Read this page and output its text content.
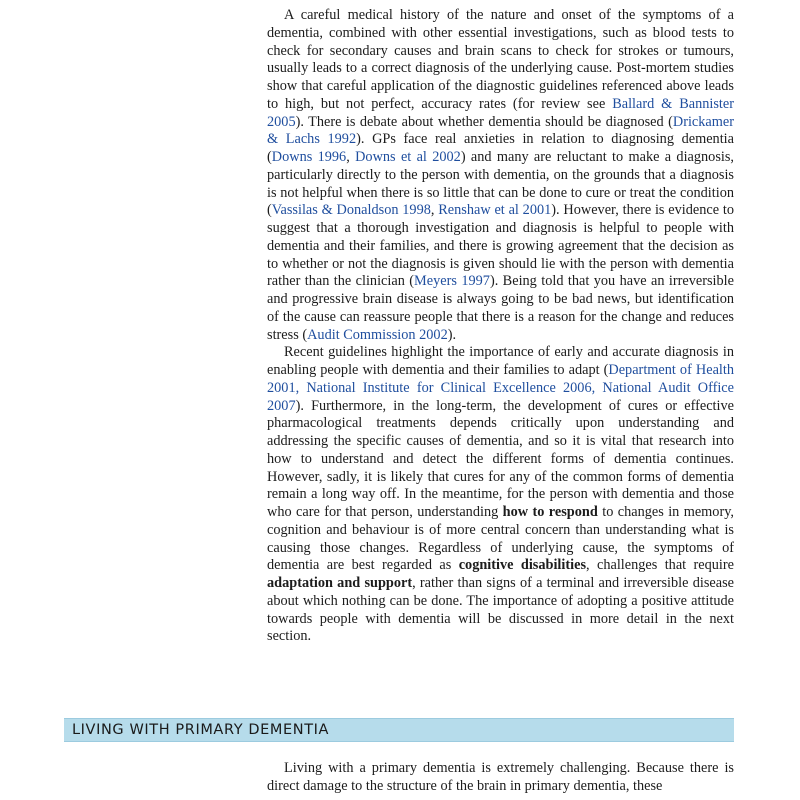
A careful medical history of the nature and onset of the symptoms of a dementia, combined with other essential investigations, such as blood tests to check for secondary causes and brain scans to check for strokes or tumours, usually leads to a correct diagnosis of the underlying cause. Post-mortem studies show that careful application of the diagnostic guidelines referenced above leads to high, but not perfect, accuracy rates (for review see Ballard & Bannister 2005). There is debate about whether dementia should be diagnosed (Drickamer & Lachs 1992). GPs face real anxieties in relation to diagnosing dementia (Downs 1996, Downs et al 2002) and many are reluctant to make a diagnosis, particularly directly to the person with dementia, on the grounds that a diagnosis is not helpful when there is so little that can be done to cure or treat the condition (Vassilas & Donaldson 1998, Renshaw et al 2001). However, there is evidence to suggest that a thorough investigation and diagnosis is helpful to people with dementia and their families, and there is growing agreement that the decision as to whether or not the diagnosis is given should lie with the person with dementia rather than the clinician (Meyers 1997). Being told that you have an irreversible and progressive brain disease is always going to be bad news, but identification of the cause can reassure people that there is a reason for the change and reduces stress (Audit Commission 2002).

Recent guidelines highlight the importance of early and accurate diagnosis in enabling people with dementia and their families to adapt (Department of Health 2001, National Institute for Clinical Excellence 2006, National Audit Office 2007). Furthermore, in the long-term, the development of cures or effective pharmacological treatments depends critically upon understanding and addressing the specific causes of dementia, and so it is vital that research into how to understand and detect the different forms of dementia continues. However, sadly, it is likely that cures for any of the common forms of dementia remain a long way off. In the meantime, for the person with dementia and those who care for that person, understanding how to respond to changes in memory, cognition and behaviour is of more central concern than understanding what is causing those changes. Regardless of underlying cause, the symptoms of dementia are best regarded as cognitive disabilities, challenges that require adaptation and support, rather than signs of a terminal and irreversible disease about which nothing can be done. The importance of adopting a positive attitude towards people with dementia will be discussed in more detail in the next section.

LIVING WITH PRIMARY DEMENTIA

Living with a primary dementia is extremely challenging. Because there is direct damage to the structure of the brain in primary dementia, these
